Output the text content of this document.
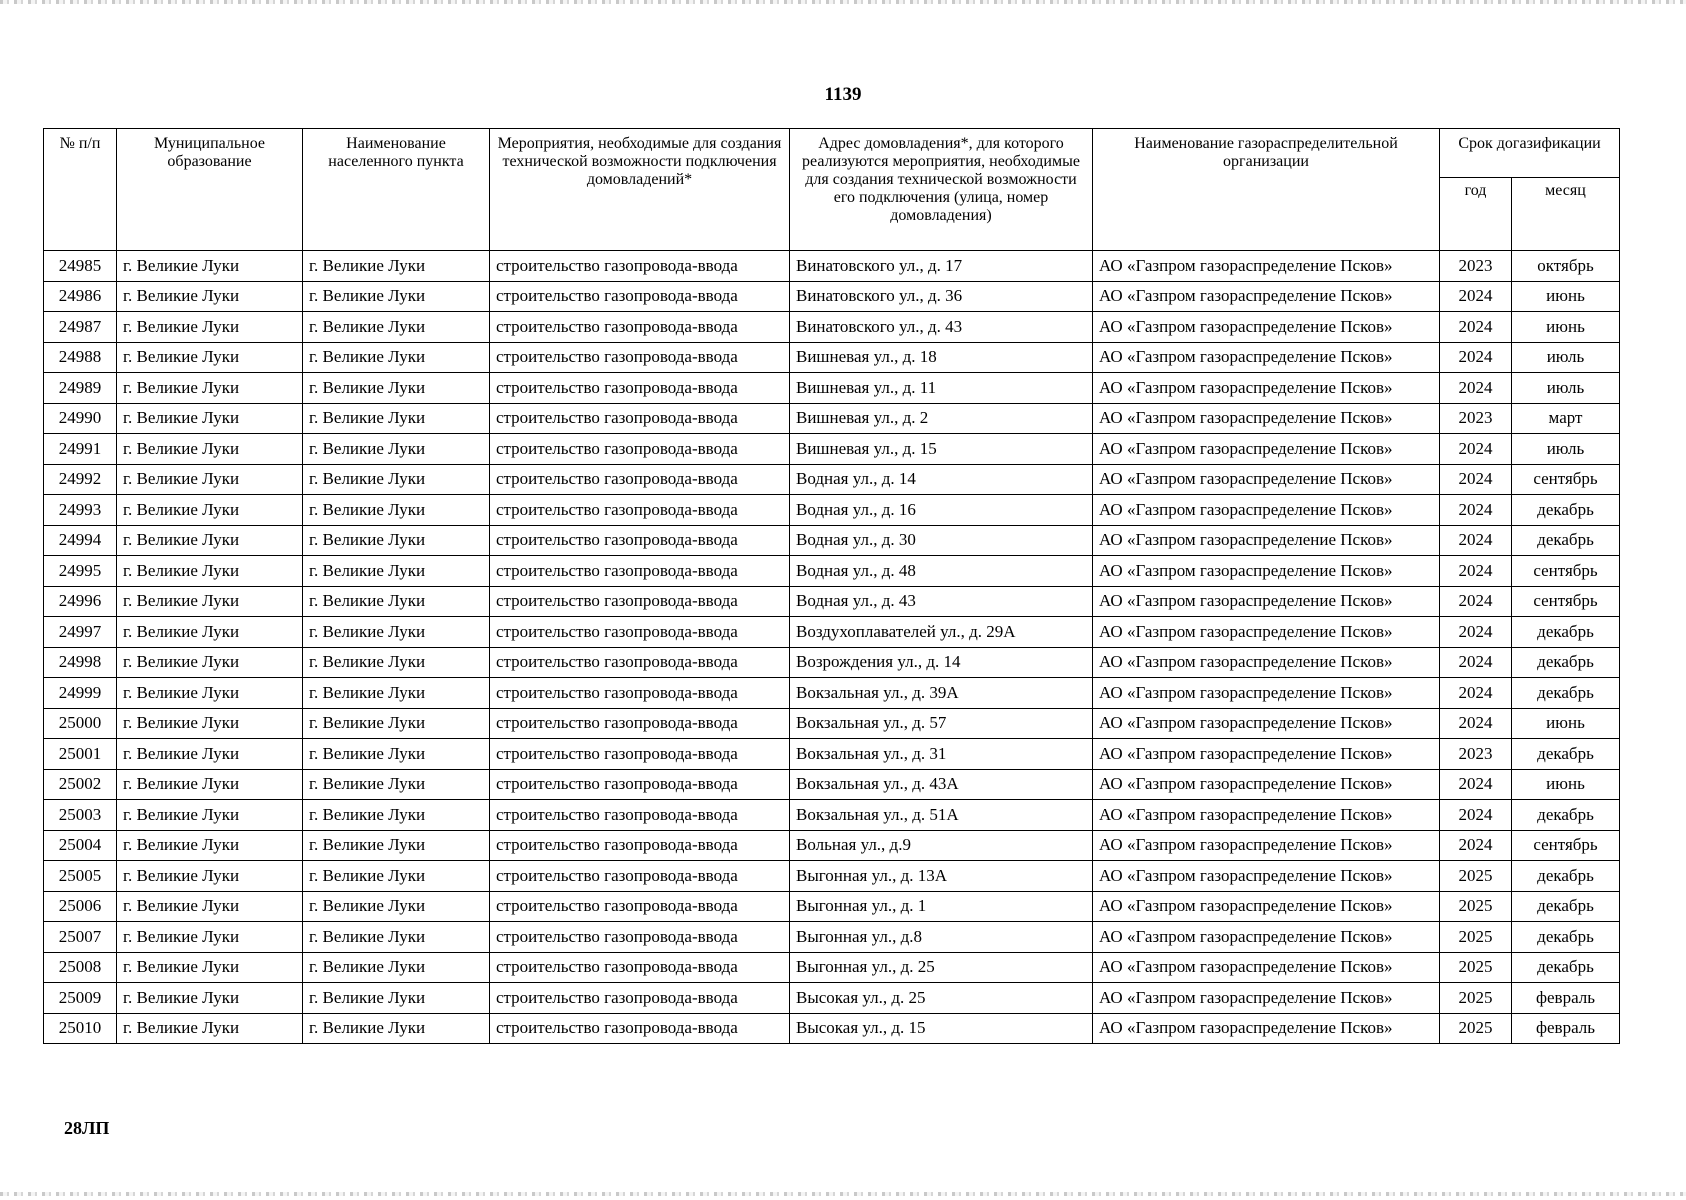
1139
№ п/п	Муниципальное образование	Наименование населенного пункта	Мероприятия, необходимые для создания технической возможности подключения домовладений*	Адрес домовладения*, для которого реализуются мероприятия, необходимые для создания технической возможности его подключения (улица, номер домовладения)	Наименование газораспределительной организации	Срок догазификации	
						год	месяц
24985	г. Великие Луки	г. Великие Луки	строительство газопровода-ввода	Винатовского ул., д. 17	АО «Газпром газораспределение Псков»	2023	октябрь
24986	г. Великие Луки	г. Великие Луки	строительство газопровода-ввода	Винатовского ул., д. 36	АО «Газпром газораспределение Псков»	2024	июнь
24987	г. Великие Луки	г. Великие Луки	строительство газопровода-ввода	Винатовского ул., д. 43	АО «Газпром газораспределение Псков»	2024	июнь
24988	г. Великие Луки	г. Великие Луки	строительство газопровода-ввода	Вишневая ул., д. 18	АО «Газпром газораспределение Псков»	2024	июль
24989	г. Великие Луки	г. Великие Луки	строительство газопровода-ввода	Вишневая ул., д. 11	АО «Газпром газораспределение Псков»	2024	июль
24990	г. Великие Луки	г. Великие Луки	строительство газопровода-ввода	Вишневая ул., д. 2	АО «Газпром газораспределение Псков»	2023	март
24991	г. Великие Луки	г. Великие Луки	строительство газопровода-ввода	Вишневая ул., д. 15	АО «Газпром газораспределение Псков»	2024	июль
24992	г. Великие Луки	г. Великие Луки	строительство газопровода-ввода	Водная ул., д. 14	АО «Газпром газораспределение Псков»	2024	сентябрь
24993	г. Великие Луки	г. Великие Луки	строительство газопровода-ввода	Водная ул., д. 16	АО «Газпром газораспределение Псков»	2024	декабрь
24994	г. Великие Луки	г. Великие Луки	строительство газопровода-ввода	Водная ул., д. 30	АО «Газпром газораспределение Псков»	2024	декабрь
24995	г. Великие Луки	г. Великие Луки	строительство газопровода-ввода	Водная ул., д. 48	АО «Газпром газораспределение Псков»	2024	сентябрь
24996	г. Великие Луки	г. Великие Луки	строительство газопровода-ввода	Водная ул., д. 43	АО «Газпром газораспределение Псков»	2024	сентябрь
24997	г. Великие Луки	г. Великие Луки	строительство газопровода-ввода	Воздухоплавателей ул., д. 29А	АО «Газпром газораспределение Псков»	2024	декабрь
24998	г. Великие Луки	г. Великие Луки	строительство газопровода-ввода	Возрождения ул., д. 14	АО «Газпром газораспределение Псков»	2024	декабрь
24999	г. Великие Луки	г. Великие Луки	строительство газопровода-ввода	Вокзальная ул., д. 39А	АО «Газпром газораспределение Псков»	2024	декабрь
25000	г. Великие Луки	г. Великие Луки	строительство газопровода-ввода	Вокзальная ул., д. 57	АО «Газпром газораспределение Псков»	2024	июнь
25001	г. Великие Луки	г. Великие Луки	строительство газопровода-ввода	Вокзальная ул., д. 31	АО «Газпром газораспределение Псков»	2023	декабрь
25002	г. Великие Луки	г. Великие Луки	строительство газопровода-ввода	Вокзальная ул., д. 43А	АО «Газпром газораспределение Псков»	2024	июнь
25003	г. Великие Луки	г. Великие Луки	строительство газопровода-ввода	Вокзальная ул., д. 51А	АО «Газпром газораспределение Псков»	2024	декабрь
25004	г. Великие Луки	г. Великие Луки	строительство газопровода-ввода	Вольная ул., д.9	АО «Газпром газораспределение Псков»	2024	сентябрь
25005	г. Великие Луки	г. Великие Луки	строительство газопровода-ввода	Выгонная ул., д. 13А	АО «Газпром газораспределение Псков»	2025	декабрь
25006	г. Великие Луки	г. Великие Луки	строительство газопровода-ввода	Выгонная ул., д. 1	АО «Газпром газораспределение Псков»	2025	декабрь
25007	г. Великие Луки	г. Великие Луки	строительство газопровода-ввода	Выгонная ул., д.8	АО «Газпром газораспределение Псков»	2025	декабрь
25008	г. Великие Луки	г. Великие Луки	строительство газопровода-ввода	Выгонная ул., д. 25	АО «Газпром газораспределение Псков»	2025	декабрь
25009	г. Великие Луки	г. Великие Луки	строительство газопровода-ввода	Высокая ул., д. 25	АО «Газпром газораспределение Псков»	2025	февраль
25010	г. Великие Луки	г. Великие Луки	строительство газопровода-ввода	Высокая ул., д. 15	АО «Газпром газораспределение Псков»	2025	февраль
28ЛП
